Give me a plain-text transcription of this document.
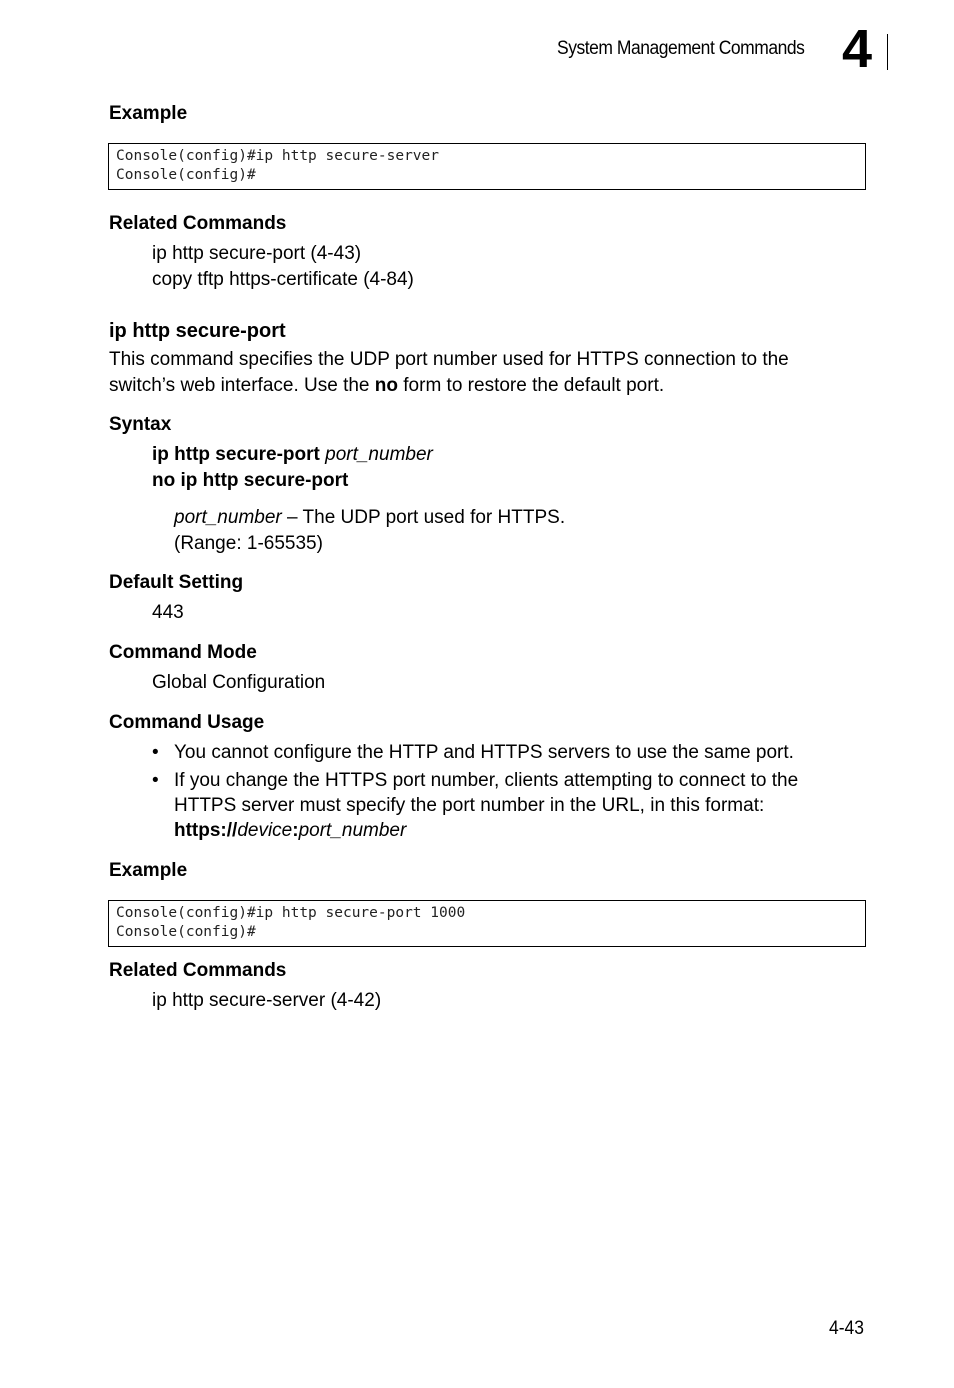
System Management Commands 4
Example
Console(config)#ip http secure-server
Console(config)#
Related Commands
ip http secure-port (4-43)
copy tftp https-certificate (4-84)
ip http secure-port
This command specifies the UDP port number used for HTTPS connection to the
switch’s web interface. Use the no form to restore the default port.
Syntax
ip http secure-port port_number
no ip http secure-port
port_number – The UDP port used for HTTPS.
(Range: 1-65535)
Default Setting
443
Command Mode
Global Configuration
Command Usage
• You cannot configure the HTTP and HTTPS servers to use the same port.
• If you change the HTTPS port number, clients attempting to connect to the
HTTPS server must specify the port number in the URL, in this format:
https://device:port_number
Example
Console(config)#ip http secure-port 1000
Console(config)#
Related Commands
ip http secure-server (4-42)
4-43
